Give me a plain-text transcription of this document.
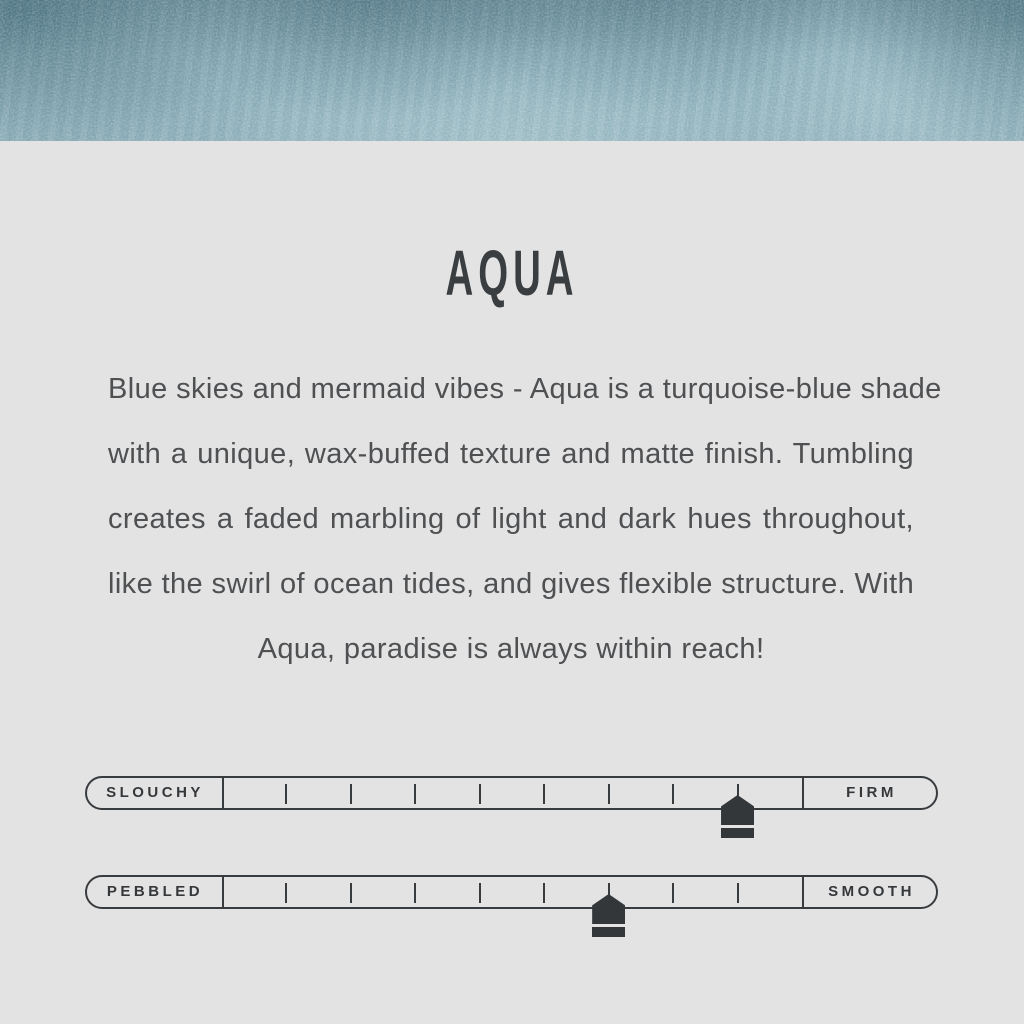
AQUA
Blue skies and mermaid vibes - Aqua is a turquoise-blue shade
with a unique, wax-buffed texture and matte finish. Tumbling
creates a faded marbling of light and dark hues throughout,
like the swirl of ocean tides, and gives flexible structure. With
Aqua, paradise is always within reach!
SLOUCHY	FIRM
PEBBLED	SMOOTH
